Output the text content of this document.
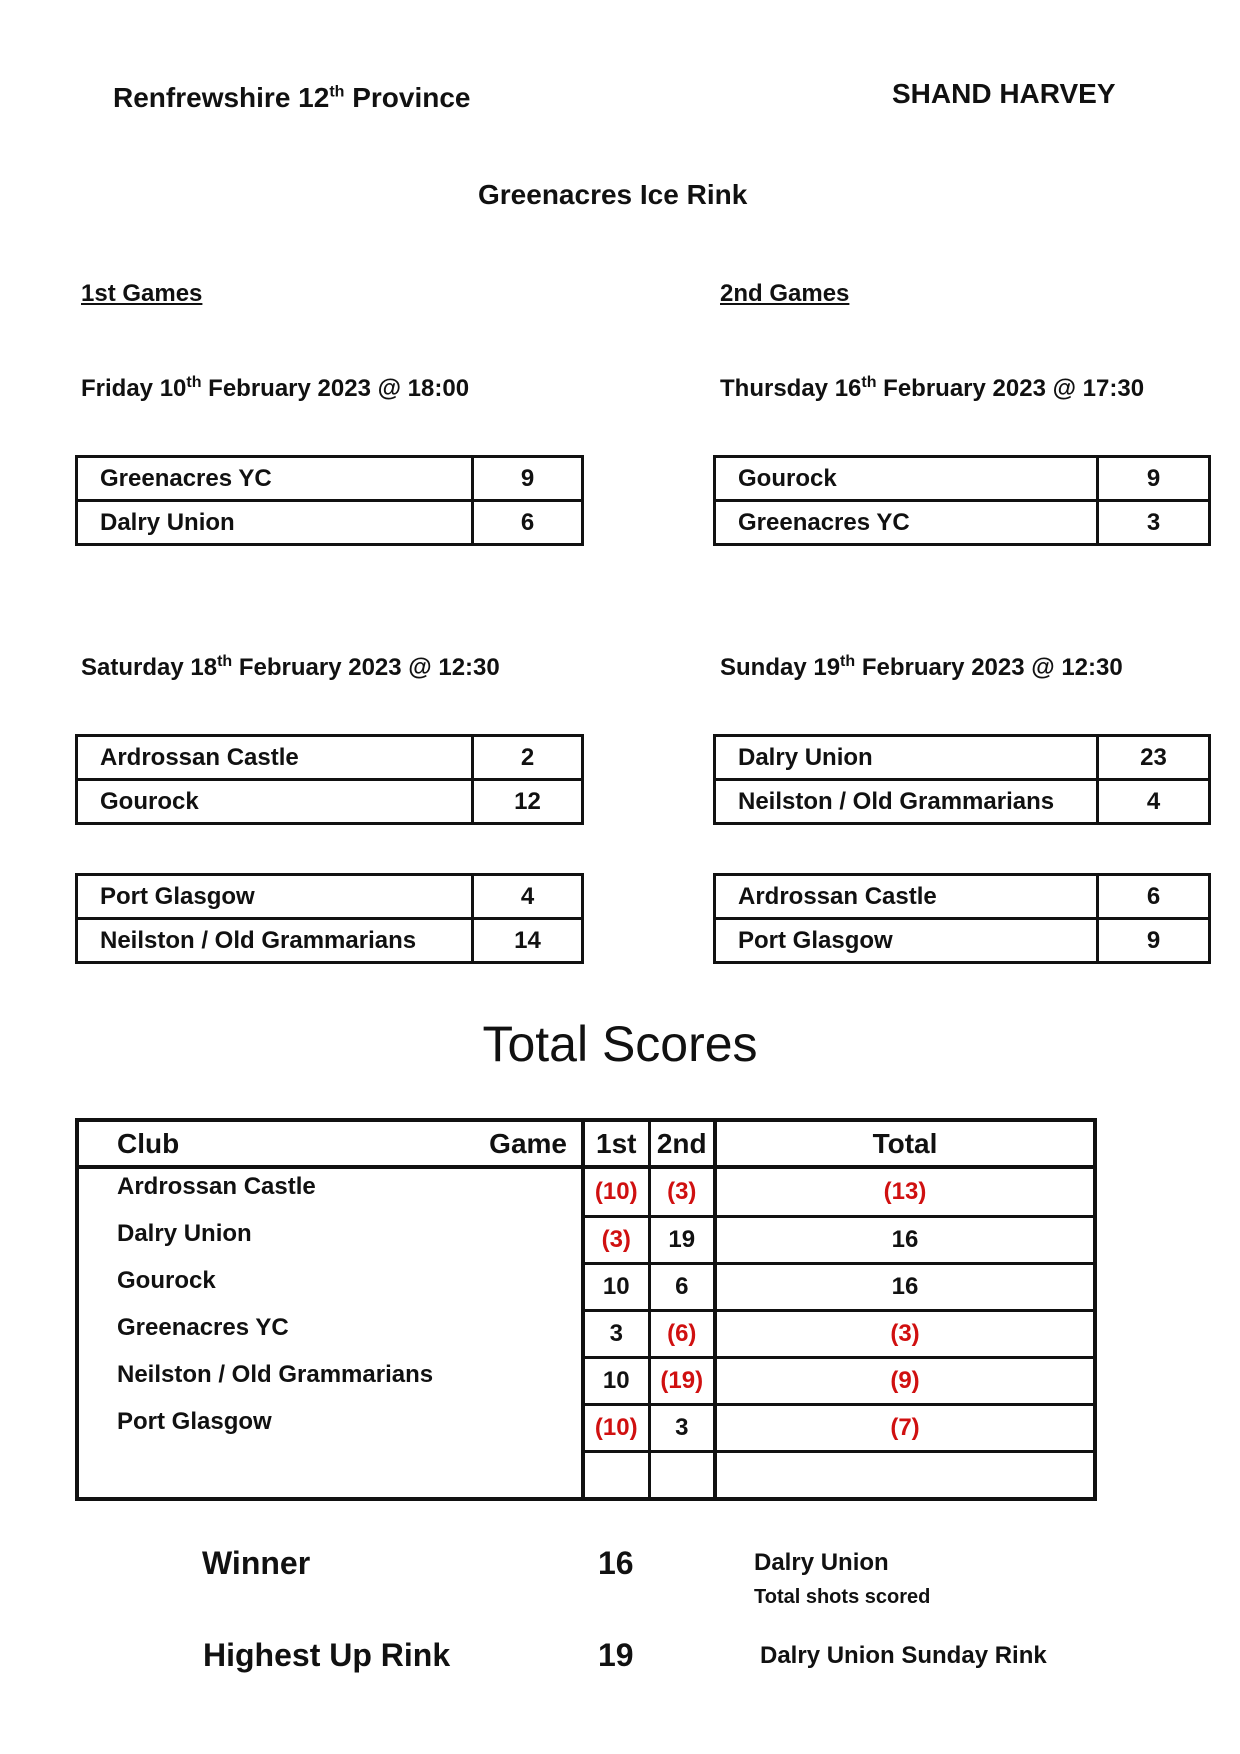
Renfrewshire 12th Province	SHAND HARVEY
Greenacres Ice Rink
1st Games	2nd Games
Friday 10th February 2023 @ 18:00	Thursday 16th February 2023 @ 17:30
Saturday 18th February 2023 @ 12:30	Sunday 19th February 2023 @ 12:30
Greenacres YC	9
Dalry Union	6
Ardrossan Castle	2
Gourock	12
Port Glasgow	4
Neilston / Old Grammarians	14
Gourock	9
Greenacres YC	3
Dalry Union	23
Neilston / Old Grammarians	4
Ardrossan Castle	6
Port Glasgow	9
Total Scores
Club Game	1st	2nd	Total
Ardrossan Castle	(10)	(3)	(13)
Dalry Union	(3)	19	16
Gourock	10	6	16
Greenacres YC	3	(6)	(3)
Neilston / Old Grammarians	10	(19)	(9)
Port Glasgow	(10)	3	(7)

Winner	16	Dalry Union
Total shots scored
Highest Up Rink	19	Dalry Union Sunday Rink
